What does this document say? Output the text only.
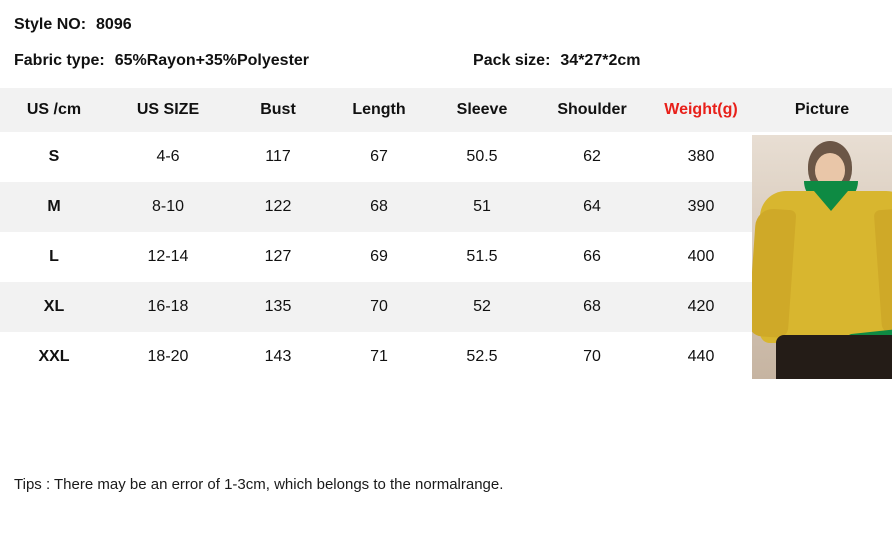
Style NO: 8096
Fabric type: 65%Rayon+35%Polyester	Pack size: 34*27*2cm
US /cm	US SIZE	Bust	Length	Sleeve	Shoulder	Weight(g)	Picture
S	4-6	117	67	50.5	62	380	

M	8-10	122	68	51	64	390	
L	12-14	127	69	51.5	66	400	
XL	16-18	135	70	52	68	420	
XXL	18-20	143	71	52.5	70	440	
Tips : There may be an error of 1-3cm, which belongs to the normalrange.
